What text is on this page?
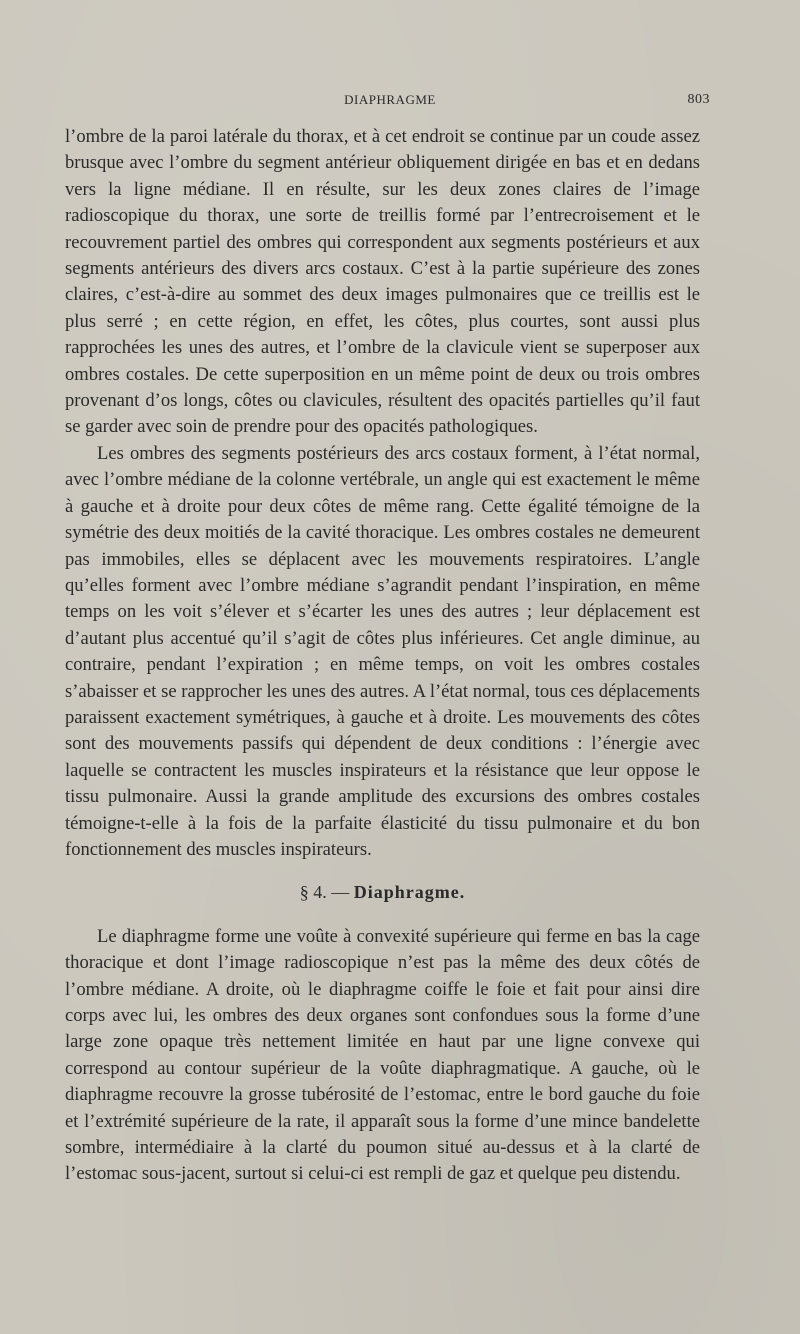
DIAPHRAGME	803

l’ombre de la paroi latérale du thorax, et à cet endroit se continue par un coude assez brusque avec l’ombre du segment antérieur obliquement dirigée en bas et en dedans vers la ligne médiane. Il en résulte, sur les deux zones claires de l’image radioscopique du thorax, une sorte de treillis formé par l’entrecroisement et le recouvrement partiel des ombres qui correspondent aux segments postérieurs et aux segments antérieurs des divers arcs costaux. C’est à la partie supérieure des zones claires, c’est-à-dire au sommet des deux images pulmonaires que ce treillis est le plus serré ; en cette région, en effet, les côtes, plus courtes, sont aussi plus rapprochées les unes des autres, et l’ombre de la clavicule vient se superposer aux ombres costales. De cette superposition en un même point de deux ou trois ombres provenant d’os longs, côtes ou clavicules, résultent des opacités partielles qu’il faut se garder avec soin de prendre pour des opacités pathologiques.

Les ombres des segments postérieurs des arcs costaux forment, à l’état normal, avec l’ombre médiane de la colonne vertébrale, un angle qui est exactement le même à gauche et à droite pour deux côtes de même rang. Cette égalité témoigne de la symétrie des deux moitiés de la cavité thoracique. Les ombres costales ne demeurent pas immobiles, elles se déplacent avec les mouvements respiratoires. L’angle qu’elles forment avec l’ombre médiane s’agrandit pendant l’inspiration, en même temps on les voit s’élever et s’écarter les unes des autres ; leur déplacement est d’autant plus accentué qu’il s’agit de côtes plus inférieures. Cet angle diminue, au contraire, pendant l’expiration ; en même temps, on voit les ombres costales s’abaisser et se rapprocher les unes des autres. A l’état normal, tous ces déplacements paraissent exactement symétriques, à gauche et à droite. Les mouvements des côtes sont des mouvements passifs qui dépendent de deux conditions : l’énergie avec laquelle se contractent les muscles inspirateurs et la résistance que leur oppose le tissu pulmonaire. Aussi la grande amplitude des excursions des ombres costales témoigne-t-elle à la fois de la parfaite élasticité du tissu pulmonaire et du bon fonctionnement des muscles inspirateurs.

§ 4. — Diaphragme.

Le diaphragme forme une voûte à convexité supérieure qui ferme en bas la cage thoracique et dont l’image radioscopique n’est pas la même des deux côtés de l’ombre médiane. A droite, où le diaphragme coiffe le foie et fait pour ainsi dire corps avec lui, les ombres des deux organes sont confondues sous la forme d’une large zone opaque très nettement limitée en haut par une ligne convexe qui correspond au contour supérieur de la voûte diaphragmatique. A gauche, où le diaphragme recouvre la grosse tubérosité de l’estomac, entre le bord gauche du foie et l’extrémité supérieure de la rate, il apparaît sous la forme d’une mince bandelette sombre, intermédiaire à la clarté du poumon situé au-dessus et à la clarté de l’estomac sous-jacent, surtout si celui-ci est rempli de gaz et quelque peu distendu.
